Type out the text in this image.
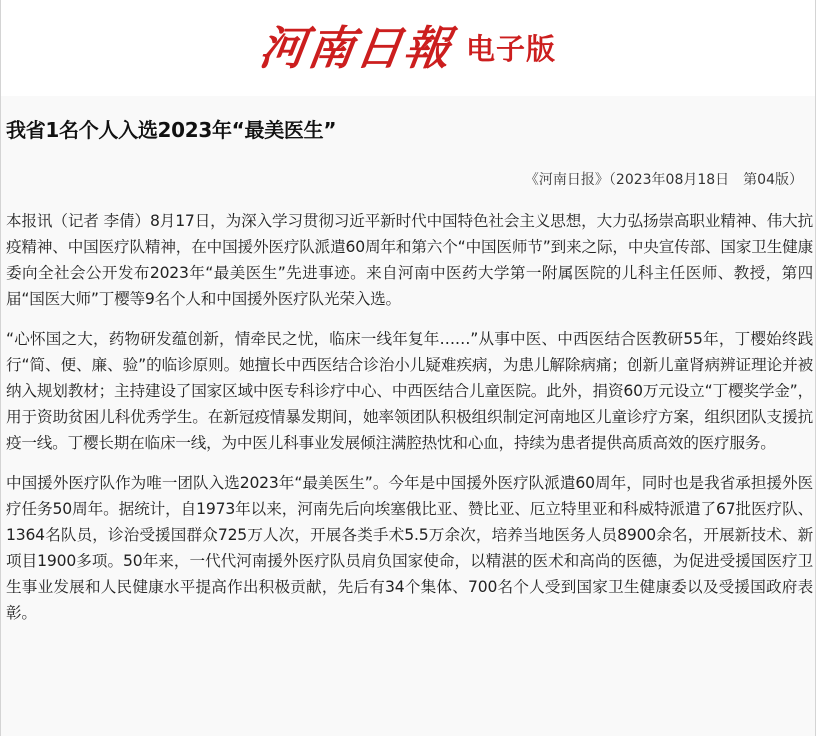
河南日報 电子版
我省1名个人入选2023年“最美医生”
《河南日报》（2023年08月18日　第04版）

本报讯（记者 李倩）8月17日，为深入学习贯彻习近平新时代中国特色社会主义思想，大力弘扬崇高职业精神、伟大抗疫精神、中国医疗队精神，在中国援外医疗队派遣60周年和第六个“中国医师节”到来之际，中央宣传部、国家卫生健康委向全社会公开发布2023年“最美医生”先进事迹。来自河南中医药大学第一附属医院的儿科主任医师、教授，第四届“国医大师”丁樱等9名个人和中国援外医疗队光荣入选。

“心怀国之大，药物研发蕴创新，情牵民之忧，临床一线年复年……”从事中医、中西医结合医教研55年，丁樱始终践行“简、便、廉、验”的临诊原则。她擅长中西医结合诊治小儿疑难疾病，为患儿解除病痛；创新儿童肾病辨证理论并被纳入规划教材；主持建设了国家区域中医专科诊疗中心、中西医结合儿童医院。此外，捐资60万元设立“丁樱奖学金”，用于资助贫困儿科优秀学生。在新冠疫情暴发期间，她率领团队积极组织制定河南地区儿童诊疗方案，组织团队支援抗疫一线。丁樱长期在临床一线，为中医儿科事业发展倾注满腔热忱和心血，持续为患者提供高质高效的医疗服务。

中国援外医疗队作为唯一团队入选2023年“最美医生”。今年是中国援外医疗队派遣60周年，同时也是我省承担援外医疗任务50周年。据统计，自1973年以来，河南先后向埃塞俄比亚、赞比亚、厄立特里亚和科威特派遣了67批医疗队、1364名队员，诊治受援国群众725万人次，开展各类手术5.5万余次，培养当地医务人员8900余名，开展新技术、新项目1900多项。50年来，一代代河南援外医疗队员肩负国家使命，以精湛的医术和高尚的医德，为促进受援国医疗卫生事业发展和人民健康水平提高作出积极贡献，先后有34个集体、700名个人受到国家卫生健康委以及受援国政府表彰。
